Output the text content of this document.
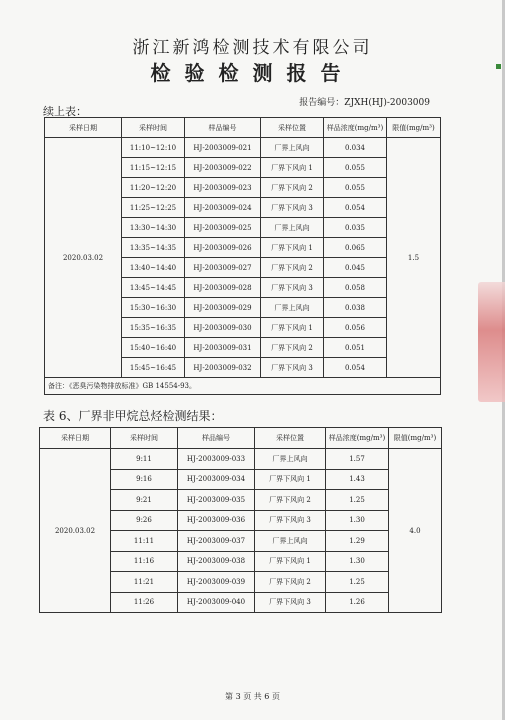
浙江新鸿检测技术有限公司
检验检测报告
报告编号：ZJXH(HJ)-2003009
续上表：
采样日期	采样时间	样品编号	采样位置	样品浓度(mg/m³)	限值(mg/m³)
2020.03.02	11:10~12:10	HJ-2003009-021	厂界上风向	0.034	1.5
	11:15~12:15	HJ-2003009-022	厂界下风向 1	0.055	
	11:20~12:20	HJ-2003009-023	厂界下风向 2	0.055	
	11:25~12:25	HJ-2003009-024	厂界下风向 3	0.054	
	13:30~14:30	HJ-2003009-025	厂界上风向	0.035	
	13:35~14:35	HJ-2003009-026	厂界下风向 1	0.065	
	13:40~14:40	HJ-2003009-027	厂界下风向 2	0.045	
	13:45~14:45	HJ-2003009-028	厂界下风向 3	0.058	
	15:30~16:30	HJ-2003009-029	厂界上风向	0.038	
	15:35~16:35	HJ-2003009-030	厂界下风向 1	0.056	
	15:40~16:40	HJ-2003009-031	厂界下风向 2	0.051	
	15:45~16:45	HJ-2003009-032	厂界下风向 3	0.054	
备注：《恶臭污染物排放标准》GB 14554-93。					
表 6、厂界非甲烷总烃检测结果：
采样日期	采样时间	样品编号	采样位置	样品浓度(mg/m³)	限值(mg/m³)
2020.03.02	9:11	HJ-2003009-033	厂界上风向	1.57	4.0
	9:16	HJ-2003009-034	厂界下风向 1	1.43	
	9:21	HJ-2003009-035	厂界下风向 2	1.25	
	9:26	HJ-2003009-036	厂界下风向 3	1.30	
	11:11	HJ-2003009-037	厂界上风向	1.29	
	11:16	HJ-2003009-038	厂界下风向 1	1.30	
	11:21	HJ-2003009-039	厂界下风向 2	1.25	
	11:26	HJ-2003009-040	厂界下风向 3	1.26	
第 3 页 共 6 页
